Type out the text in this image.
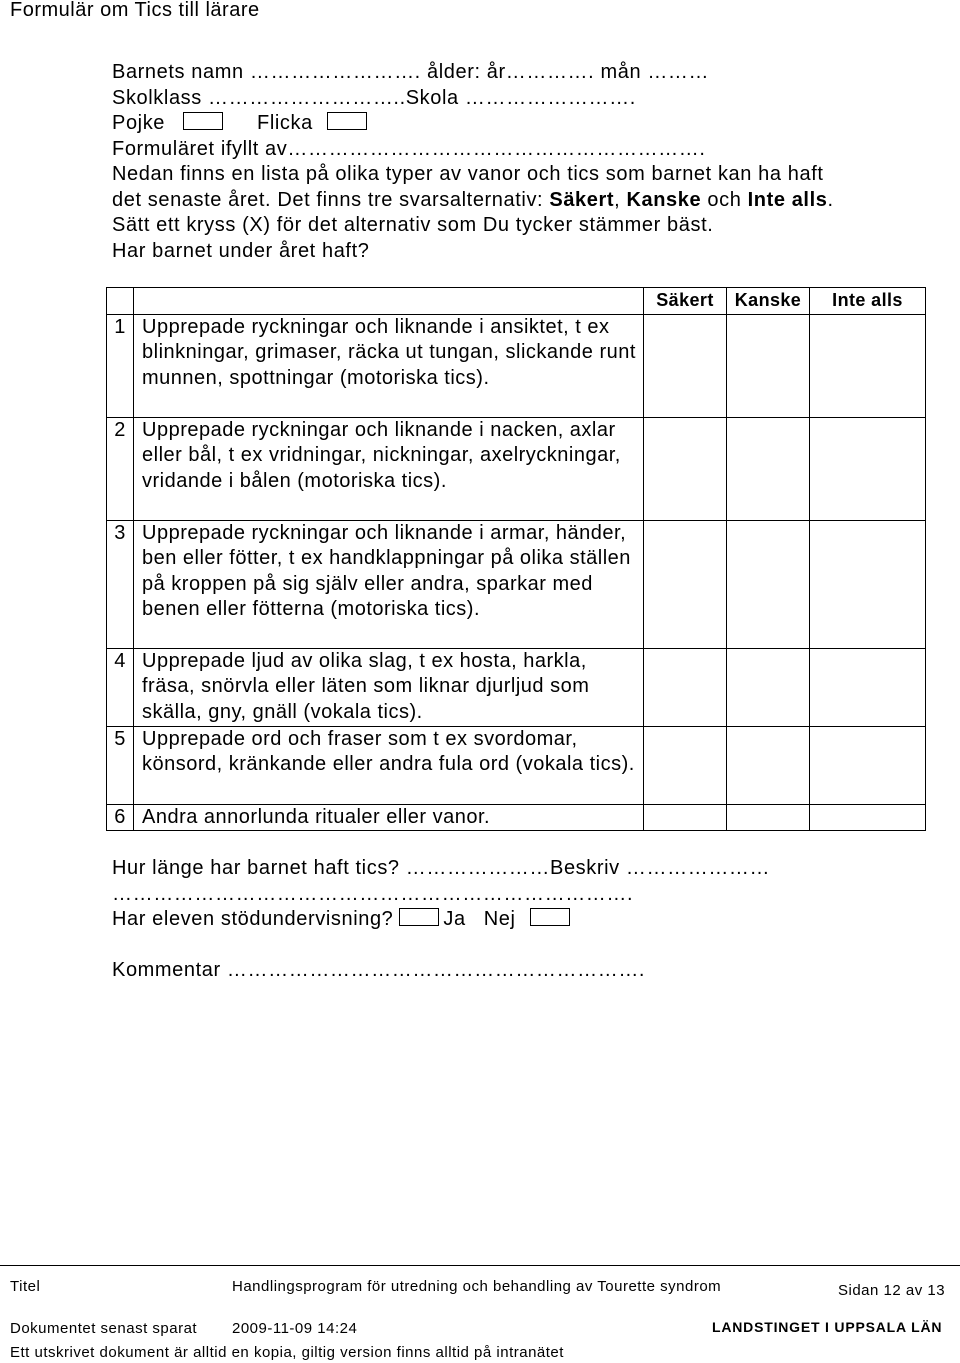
Formulär om Tics till lärare
Barnets namn ……………………. ålder: år…………. mån ………
Skolklass ………………………..Skola …………………….
Pojke	Flicka
Formuläret ifyllt av…………………………………………………….
Nedan finns en lista på olika typer av vanor och tics som barnet kan ha haft
det senaste året. Det finns tre svarsalternativ: Säkert, Kanske och Inte alls.
Sätt ett kryss (X) för det alternativ som Du tycker stämmer bäst.
Har barnet under året haft?
		Säkert	Kanske	Inte alls
1	Upprepade ryckningar och liknande i ansiktet, t ex blinkningar, grimaser, räcka ut tungan, slickande runt munnen, spottningar (motoriska tics).			
2	Upprepade ryckningar och liknande i nacken, axlar eller bål, t ex vridningar, nickningar, axelryckningar, vridande i bålen (motoriska tics).			
3	Upprepade ryckningar och liknande i armar, händer, ben eller fötter, t ex handklappningar på olika ställen på kroppen på sig själv eller andra, sparkar med benen eller fötterna (motoriska tics).			
4	Upprepade ljud av olika slag, t ex hosta, harkla, fräsa, snörvla eller läten som liknar djurljud som skälla, gny, gnäll (vokala tics).			
5	Upprepade ord och fraser som t ex svordomar, könsord, kränkande eller andra fula ord (vokala tics).			
6	Andra annorlunda ritualer eller vanor.			
Hur länge har barnet haft tics? …………………Beskriv …………………
………………………………………………………………….
Har eleven stödundervisning?	Ja Nej
Kommentar …………………………………………………….
Titel	Handlingsprogram för utredning och behandling av Tourette syndrom	Sidan 12 av 13
Dokumentet senast sparat 2009-11-09 14:24	LANDSTINGET I UPPSALA LÄN
Ett utskrivet dokument är alltid en kopia, giltig version finns alltid på intranätet
